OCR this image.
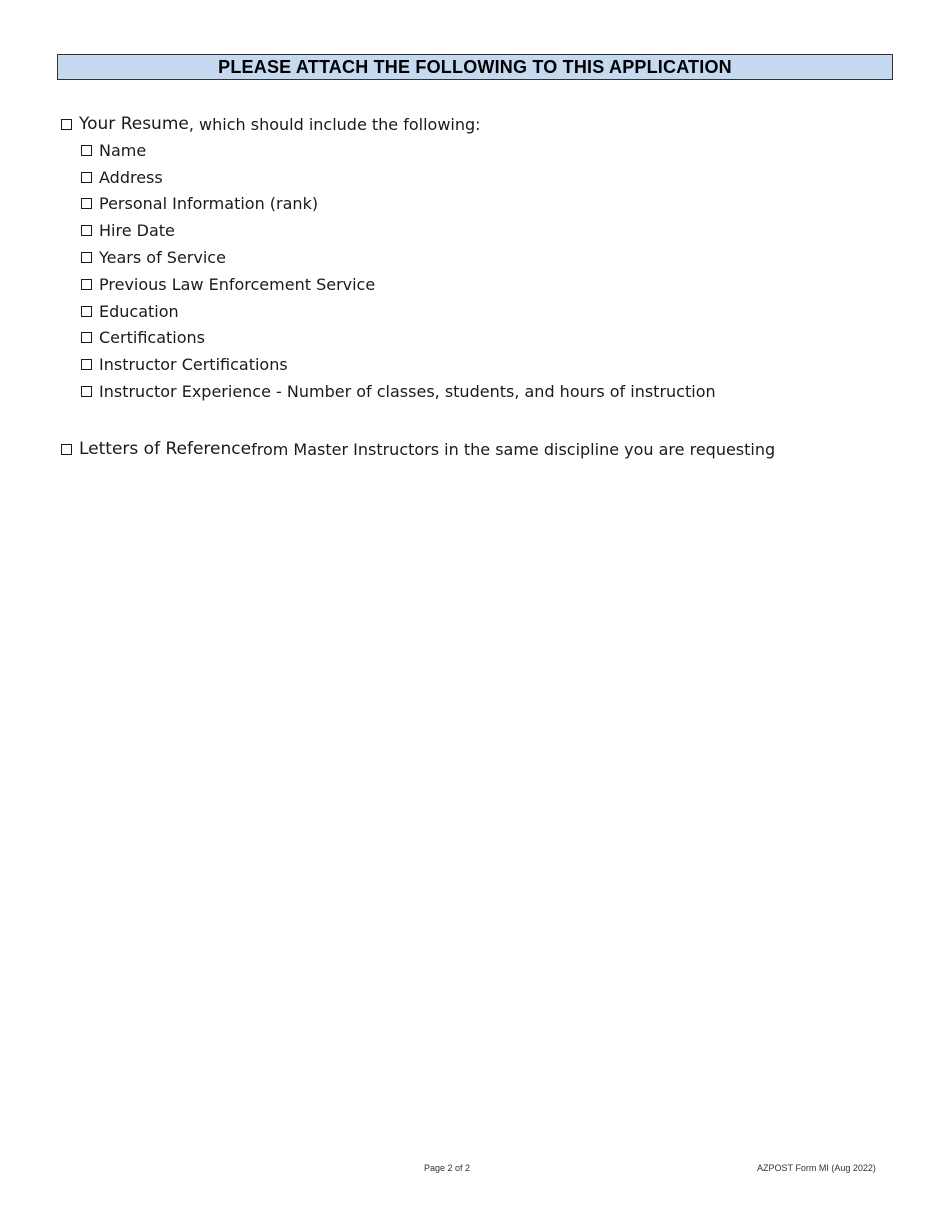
PLEASE ATTACH THE FOLLOWING TO THIS APPLICATION
Your Resume , which should include the following:
Name
Address
Personal Information (rank)
Hire Date
Years of Service
Previous Law Enforcement Service
Education
Certifications
Instructor Certifications
Instructor Experience - Number of classes, students, and hours of instruction
Letters of Reference from Master Instructors in the same discipline you are requesting
Page 2 of 2	AZPOST Form MI (Aug 2022)
